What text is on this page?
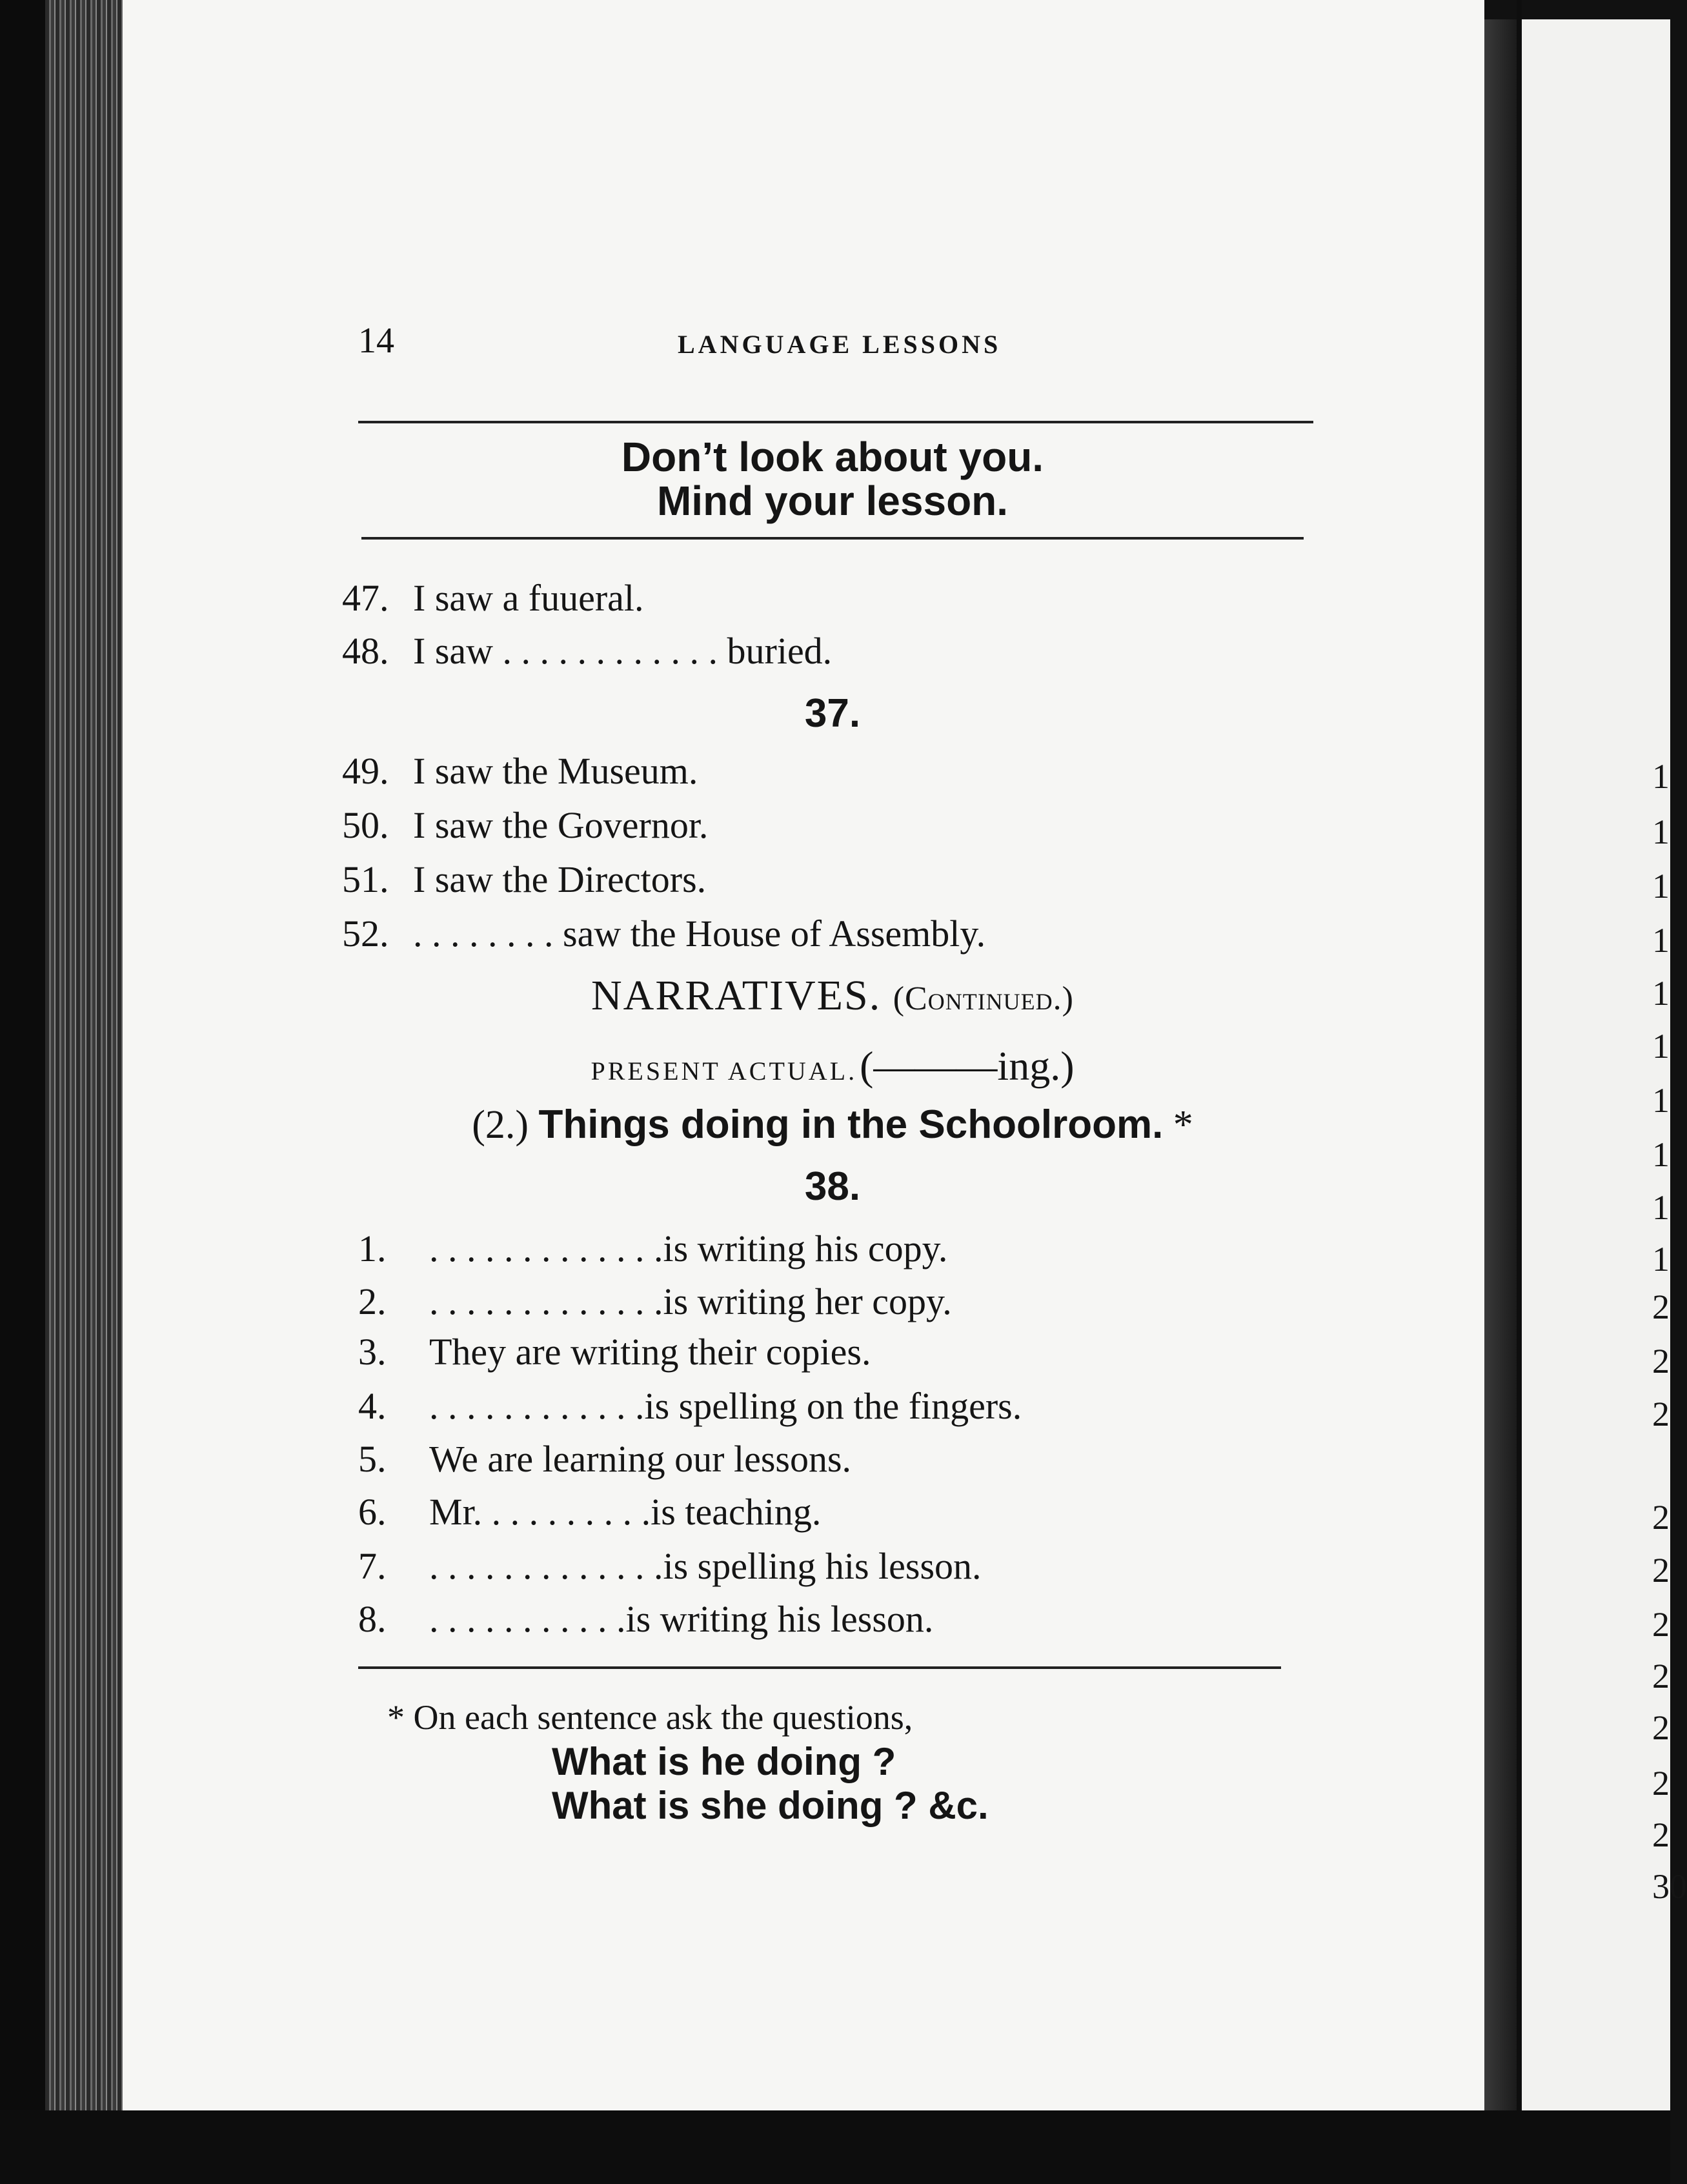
14	LANGUAGE LESSONS
Don’t look about you.
Mind your lesson.
47. I saw a fuueral.
48. I saw . . . . . . . . . . . . buried.
37.
49. I saw the Museum.
50. I saw the Governor.
51. I saw the Directors.
52. . . . . . . . . saw the House of Assembly.
NARRATIVES. (Continued.)
PRESENT ACTUAL. (———ing.)
(2.) Things doing in the Schoolroom. *
38.
1. . . . . . . . . . . . . .is writing his copy.
2. . . . . . . . . . . . . .is writing her copy.
3. They are writing their copies.
4. . . . . . . . . . . . .is spelling on the fingers.
5. We are learning our lessons.
6. Mr. . . . . . . . . .is teaching.
7. . . . . . . . . . . . . .is spelling his lesson.
8. . . . . . . . . . . .is writing his lesson.
* On each sentence ask the questions,
What is he doing ?
What is she doing ? &c.
1
1
1
1
1
1
1
1
1
1
2
2
2
2
2
2
2
2
2
2
30
